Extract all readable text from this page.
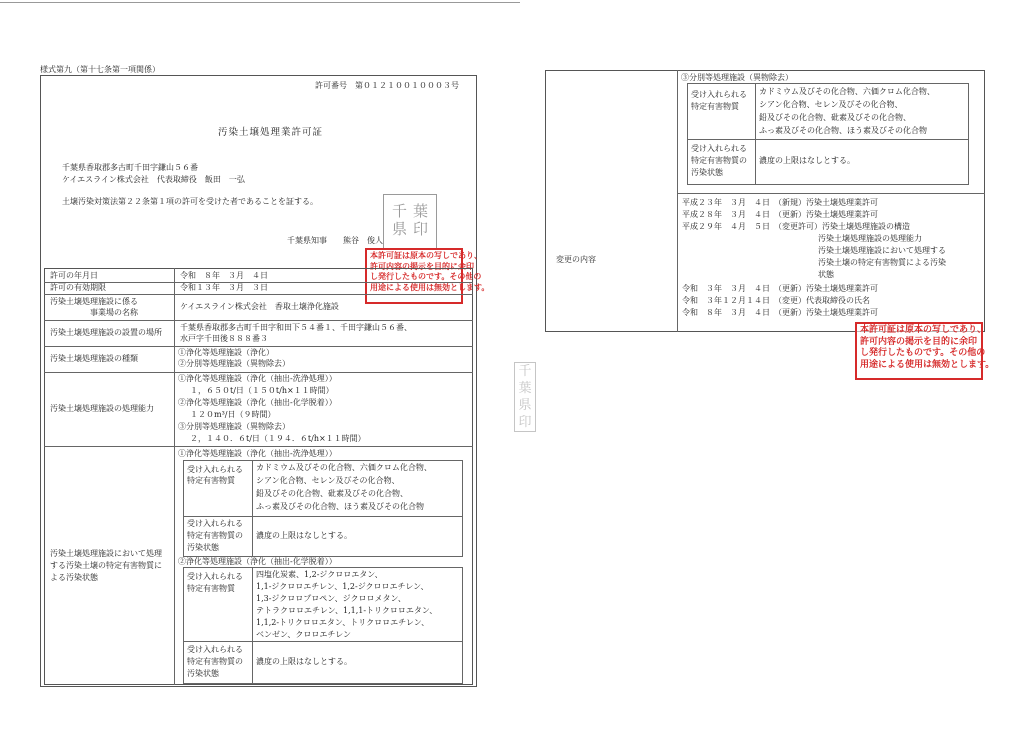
様式第九（第十七条第一項関係）
許可番号　第０１２１００１０００３号
汚染土壌処理業許可証
千葉県香取郡多古町千田字鎌山５６番
ケイエスライン株式会社　代表取締役　飯田　一弘
土壌汚染対策法第２２条第１項の許可を受けた者であることを証する。
千葉県知事　　熊谷　俊人
千 葉
県 印
本許可証は原本の写しであり、
許可内容の掲示を目的に余印
し発行したものです。その他の
用途による使用は無効とします。
許可の年月日	令和　８年　３月　４日
許可の有効期限	令和１３年　３月　３日
汚染土壌処理施設に係る
事業場の名称
ケイエスライン株式会社　香取土壌浄化施設
汚染土壌処理施設の設置の場所
千葉県香取郡多古町千田字和田下５４番１、千田字鎌山５６番、
水戸字千田後８８８番３
汚染土壌処理施設の種類
①浄化等処理施設（浄化）
②分別等処理施設（異物除去）
汚染土壌処理施設の処理能力
①浄化等処理施設（浄化（抽出-洗浄処理））
１，６５０t/日（１５０t/h×１１時間）
②浄化等処理施設（浄化（抽出-化学脱着））
１２０m³/日（９時間）
③分別等処理施設（異物除去）
２，１４０．６t/日（１９４．６t/h×１１時間）
汚染土壌処理施設において処理
する汚染土壌の特定有害物質に
よる汚染状態
①浄化等処理施設（浄化（抽出-洗浄処理））
受け入れられる
特定有害物質
カドミウム及びその化合物、六価クロム化合物、
シアン化合物、セレン及びその化合物、
鉛及びその化合物、砒素及びその化合物、
ふっ素及びその化合物、ほう素及びその化合物
受け入れられる
特定有害物質の
汚染状態
濃度の上限はなしとする。
②浄化等処理施設（浄化（抽出-化学脱着））
受け入れられる
特定有害物質
四塩化炭素、1,2-ジクロロエタン、
1,1-ジクロロエチレン、1,2-ジクロロエチレン、
1,3-ジクロロプロペン、ジクロロメタン、
テトラクロロエチレン、1,1,1-トリクロロエタン、
1,1,2-トリクロロエタン、トリクロロエチレン、
ベンゼン、クロロエチレン
受け入れられる
特定有害物質の
汚染状態
濃度の上限はなしとする。
③分別等処理施設（異物除去）
受け入れられる
特定有害物質
カドミウム及びその化合物、六価クロム化合物、
シアン化合物、セレン及びその化合物、
鉛及びその化合物、砒素及びその化合物、
ふっ素及びその化合物、ほう素及びその化合物
受け入れられる
特定有害物質の
汚染状態
濃度の上限はなしとする。
変更の内容
平成２３年　３月　４日　（新規）汚染土壌処理業許可
平成２８年　３月　４日　（更新）汚染土壌処理業許可
平成２９年　４月　５日　（変更許可）汚染土壌処理施設の構造
　　　　　　　　　　　　　　　　　汚染土壌処理施設の処理能力
　　　　　　　　　　　　　　　　　汚染土壌処理施設において処理する
　　　　　　　　　　　　　　　　　汚染土壌の特定有害物質による汚染
　　　　　　　　　　　　　　　　　状態
令和　３年　３月　４日　（更新）汚染土壌処理業許可
令和　３年１２月１４日　（変更）代表取締役の氏名
令和　８年　３月　４日　（更新）汚染土壌処理業許可
本許可証は原本の写しであり、
許可内容の掲示を目的に余印
し発行したものです。その他の
用途による使用は無効とします。
千
葉
県
印
